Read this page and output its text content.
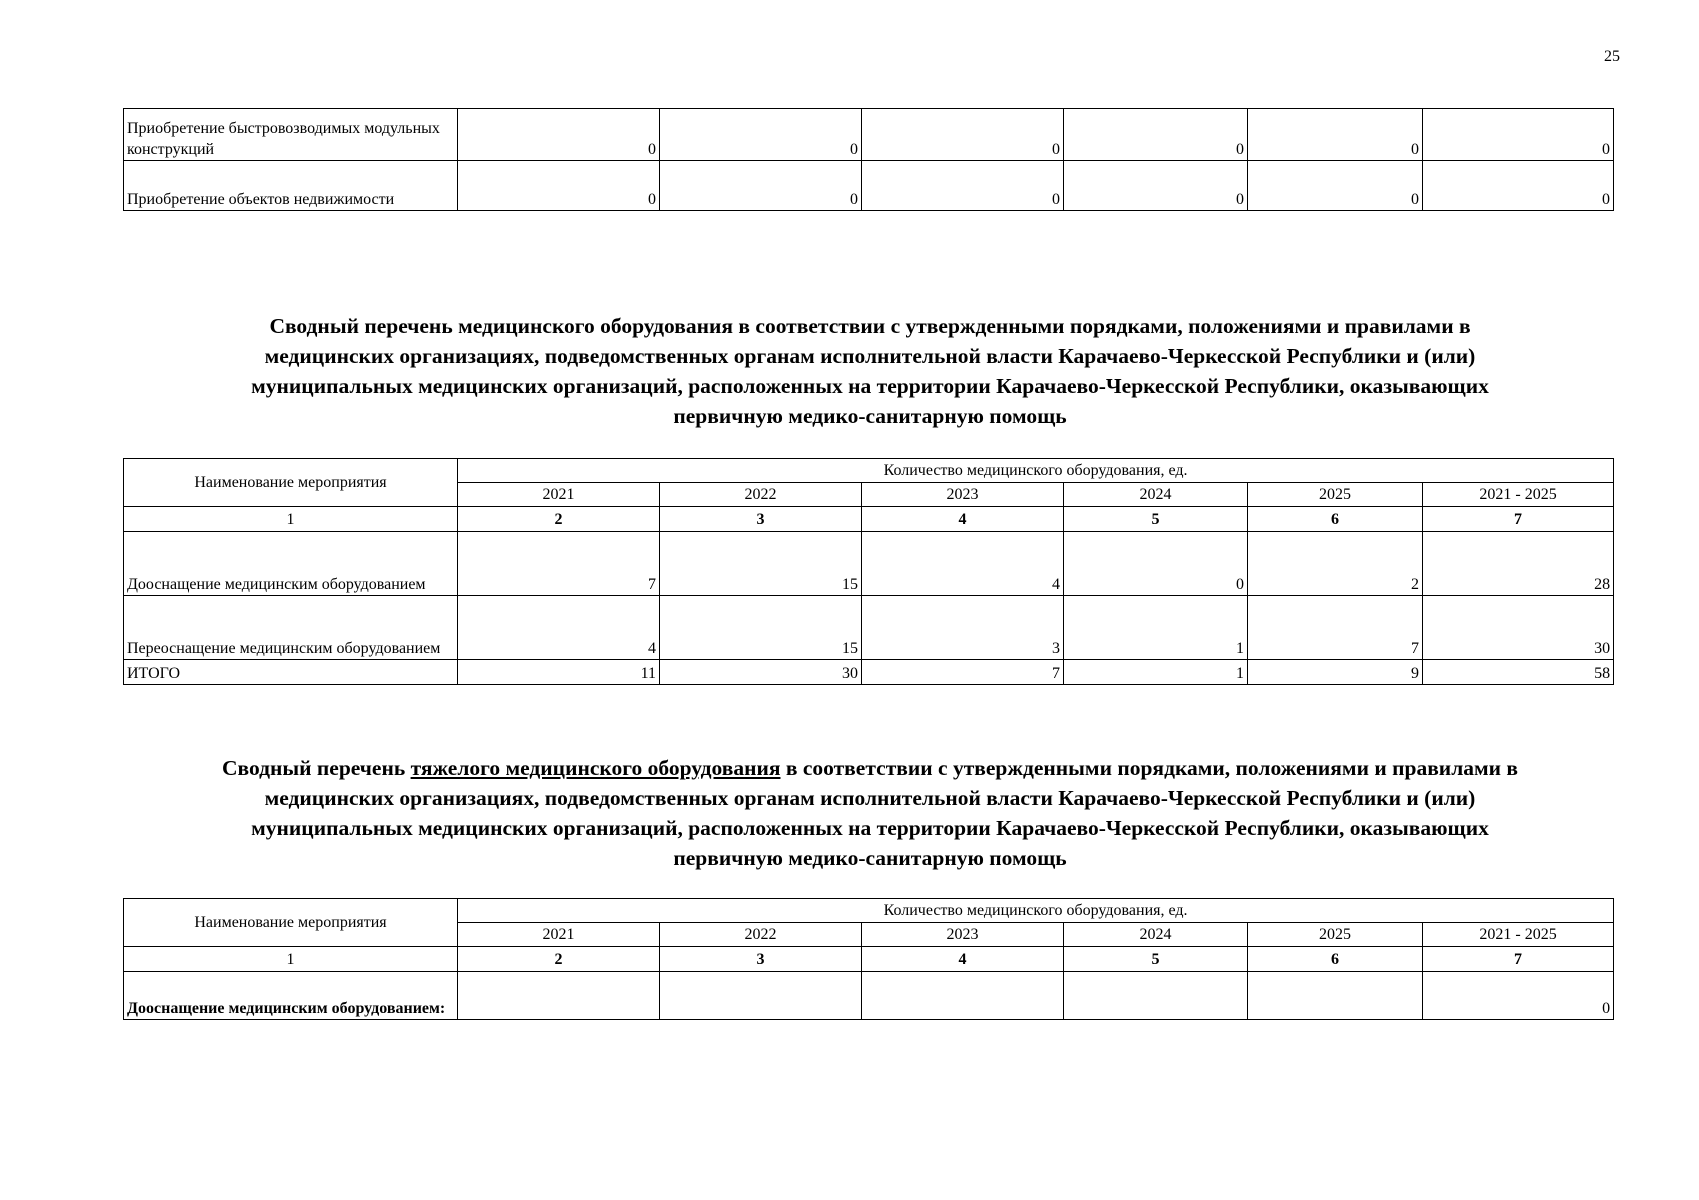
25
Приобретение быстровозводимых модульных конструкций	0	0	0	0	0	0
Приобретение объектов недвижимости	0	0	0	0	0	0
Сводный перечень медицинского оборудования в соответствии с утвержденными порядками, положениями и правилами в
медицинских организациях, подведомственных органам исполнительной власти Карачаево-Черкесской Республики и (или)
муниципальных медицинских организаций, расположенных на территории Карачаево-Черкесской Республики, оказывающих
первичную медико-санитарную помощь
Наименование мероприятия	Количество медицинского оборудования, ед.					
	2021	2022	2023	2024	2025	2021 - 2025
1	2	3	4	5	6	7
Дооснащение медицинским оборудованием	7	15	4	0	2	28
Переоснащение медицинским оборудованием	4	15	3	1	7	30
ИТОГО	11	30	7	1	9	58
Сводный перечень тяжелого медицинского оборудования в соответствии с утвержденными порядками, положениями и правилами в
медицинских организациях, подведомственных органам исполнительной власти Карачаево-Черкесской Республики и (или)
муниципальных медицинских организаций, расположенных на территории Карачаево-Черкесской Республики, оказывающих
первичную медико-санитарную помощь
Наименование мероприятия	Количество медицинского оборудования, ед.					
	2021	2022	2023	2024	2025	2021 - 2025
1	2	3	4	5	6	7
Дооснащение медицинским оборудованием:						0
